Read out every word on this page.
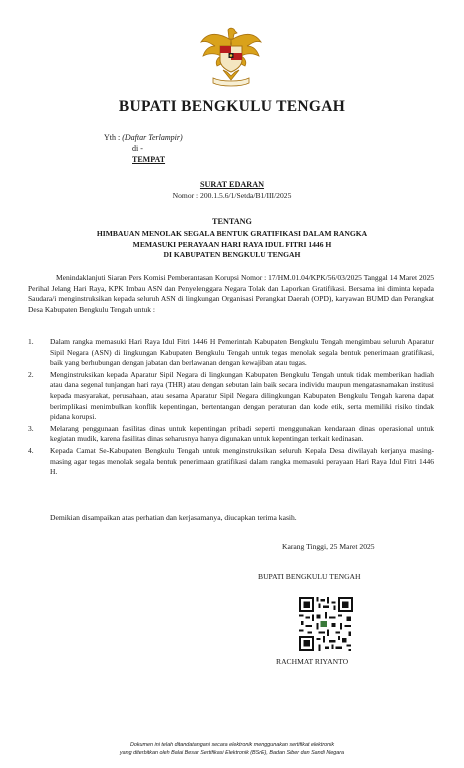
BUPATI BENGKULU TENGAH
Yth : (Daftar Terlampir)
di -
TEMPAT
SURAT EDARAN
Nomor : 200.1.5.6/1/Setda/B1/III/2025
TENTANG
HIMBAUAN MENOLAK SEGALA BENTUK GRATIFIKASI DALAM RANGKA
MEMASUKI PERAYAAN HARI RAYA IDUL FITRI 1446 H
DI KABUPATEN BENGKULU TENGAH
Menindaklanjuti Siaran Pers Komisi Pemberantasan Korupsi Nomor : 17/HM.01.04/KPK/56/03/2025 Tanggal 14 Maret 2025 Perihal Jelang Hari Raya, KPK Imbau ASN dan Penyelenggara Negara Tolak dan Laporkan Gratifikasi. Bersama ini diminta kepada Saudara/i menginstruksikan kepada seluruh ASN di lingkungan Organisasi Perangkat Daerah (OPD), karyawan BUMD dan Perangkat Desa Kabupaten Bengkulu Tengah untuk :
1.	Dalam rangka memasuki Hari Raya Idul Fitri 1446 H Pemerintah Kabupaten Bengkulu Tengah mengimbau seluruh Aparatur Sipil Negara (ASN) di lingkungan Kabupaten Bengkulu Tengah untuk tegas menolak segala bentuk penerimaan gratifikasi, baik yang berhubungan dengan jabatan dan berlawanan dengan kewajiban atau tugas.
2.	Menginstruksikan kepada Aparatur Sipil Negara di lingkungan Kabupaten Bengkulu Tengah untuk tidak memberikan hadiah atau dana segenal tunjangan hari raya (THR) atau dengan sebutan lain baik secara individu maupun mengatasnamakan institusi kepada masyarakat, perusahaan, atau sesama Aparatur Sipil Negara dilingkungan Kabupaten Bengkulu Tengah karena dapat berimplikasi menimbulkan konflik kepentingan, bertentangan dengan peraturan dan kode etik, serta memiliki risiko tindak pidana korupsi.
3.	Melarang penggunaan fasilitas dinas untuk kepentingan pribadi seperti menggunakan kendaraan dinas operasional untuk kegiatan mudik, karena fasilitas dinas seharusnya hanya digunakan untuk kepentingan terkait kedinasan.
4.	Kepada Camat Se-Kabupaten Bengkulu Tengah untuk menginstruksikan seluruh Kepala Desa diwilayah kerjanya masing-masing agar tegas menolak segala bentuk penerimaan gratifikasi dalam rangka memasuki perayaan Hari Raya Idul Fitri 1446 H.
Demikian disampaikan atas perhatian dan kerjasamanya, diucapkan terima kasih.
Karang Tinggi, 25 Maret 2025
BUPATI BENGKULU TENGAH
RACHMAT RIYANTO
Dokumen ini telah ditandatangani secara elektronik menggunakan sertifikat elektronik
yang diterbitkan oleh Balai Besar Sertifikasi Elektronik (BSrE), Badan Siber dan Sandi Negara
